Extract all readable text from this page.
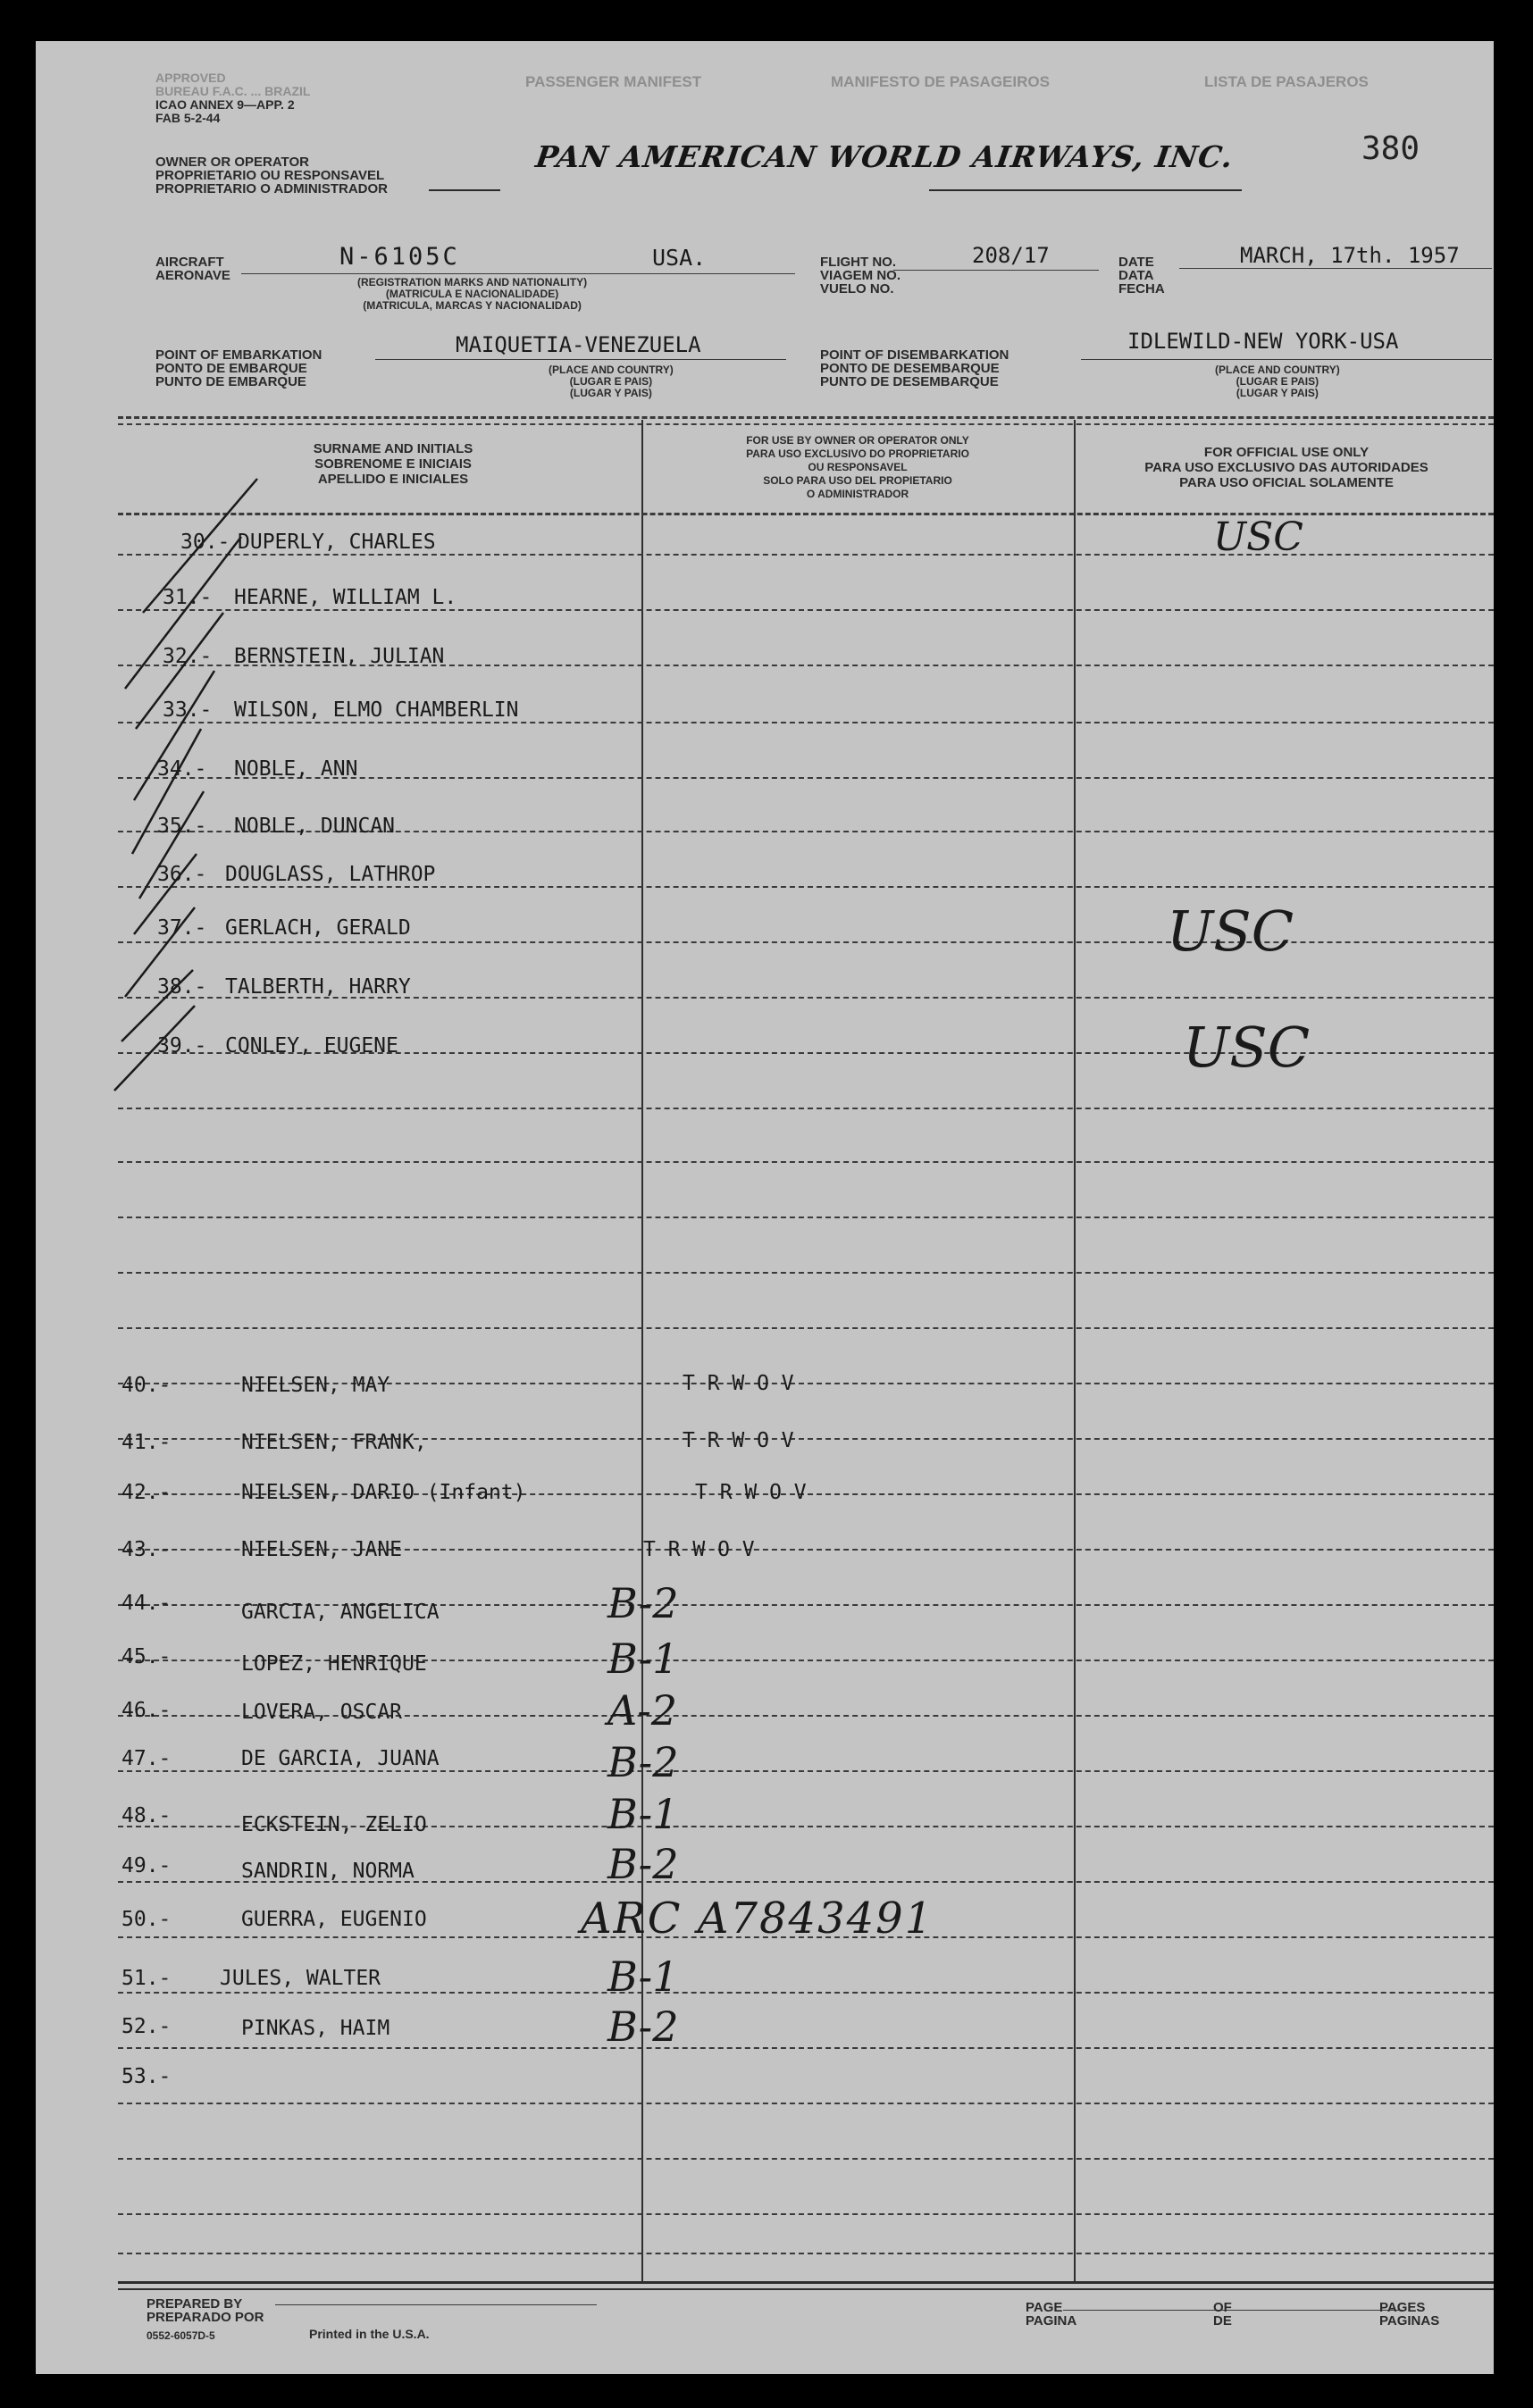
APPROVED
BUREAU F.A.C. ... BRAZIL
ICAO ANNEX 9—APP. 2
FAB 5-2-44
PASSENGER MANIFEST	MANIFESTO DE PASAGEIROS	LISTA DE PASAJEROS
380
OWNER OR OPERATOR
PROPRIETARIO OU RESPONSAVEL
PROPRIETARIO O ADMINISTRADOR
PAN AMERICAN WORLD AIRWAYS, INC.
AIRCRAFT
AERONAVE
N-6105C	USA.
(REGISTRATION MARKS AND NATIONALITY)
(MATRICULA E NACIONALIDADE)
(MATRICULA, MARCAS Y NACIONALIDAD)
FLIGHT NO.
VIAGEM NO.
VUELO NO.
208/17	DATE
DATA
FECHA
MARCH, 17th. 1957
POINT OF EMBARKATION
PONTO DE EMBARQUE
PUNTO DE EMBARQUE
MAIQUETIA-VENEZUELA
(PLACE AND COUNTRY)
(LUGAR E PAIS)
(LUGAR Y PAIS)
POINT OF DISEMBARKATION
PONTO DE DESEMBARQUE
PUNTO DE DESEMBARQUE
IDLEWILD-NEW YORK-USA
(PLACE AND COUNTRY)
(LUGAR E PAIS)
(LUGAR Y PAIS)
SURNAME AND INITIALS
SOBRENOME E INICIAIS
APELLIDO E INICIALES
FOR USE BY OWNER OR OPERATOR ONLY
PARA USO EXCLUSIVO DO PROPRIETARIO
OU RESPONSAVEL
SOLO PARA USO DEL PROPIETARIO
O ADMINISTRADOR
FOR OFFICIAL USE ONLY
PARA USO EXCLUSIVO DAS AUTORIDADES
PARA USO OFICIAL SOLAMENTE
30.- DUPERLY, CHARLES	USC
31.- HEARNE, WILLIAM L.
32.- BERNSTEIN, JULIAN
33.- WILSON, ELMO CHAMBERLIN
34.- NOBLE, ANN
35.- NOBLE, DUNCAN
36.- DOUGLASS, LATHROP
37.- GERLACH, GERALD	USC
38.- TALBERTH, HARRY
39.- CONLEY, EUGENE	USC
40.-	NIELSEN, MAY	T R W O V
41.-	NIELSEN, FRANK,	T R W O V
42.-	NIELSEN, DARIO (Infant)	T R W O V
43.-	NIELSEN, JANE	T R W O V
44.-	GARCIA, ANGELICA	B-2
45.-	LOPEZ, HENRIQUE	B-1
46.-	LOVERA, OSCAR	A-2
47.-	DE GARCIA, JUANA	B-2
48.-	ECKSTEIN, ZELIO	B-1
49.-	SANDRIN, NORMA	B-2
50.-	GUERRA, EUGENIO	ARC A7843491
51.- JULES, WALTER	B-1
52.-	PINKAS, HAIM	B-2
53.-
PREPARED BY
PREPARADO POR
0552-6057D-5	Printed in the U.S.A.
PAGE
PAGINA
OF
DE
PAGES
PAGINAS
